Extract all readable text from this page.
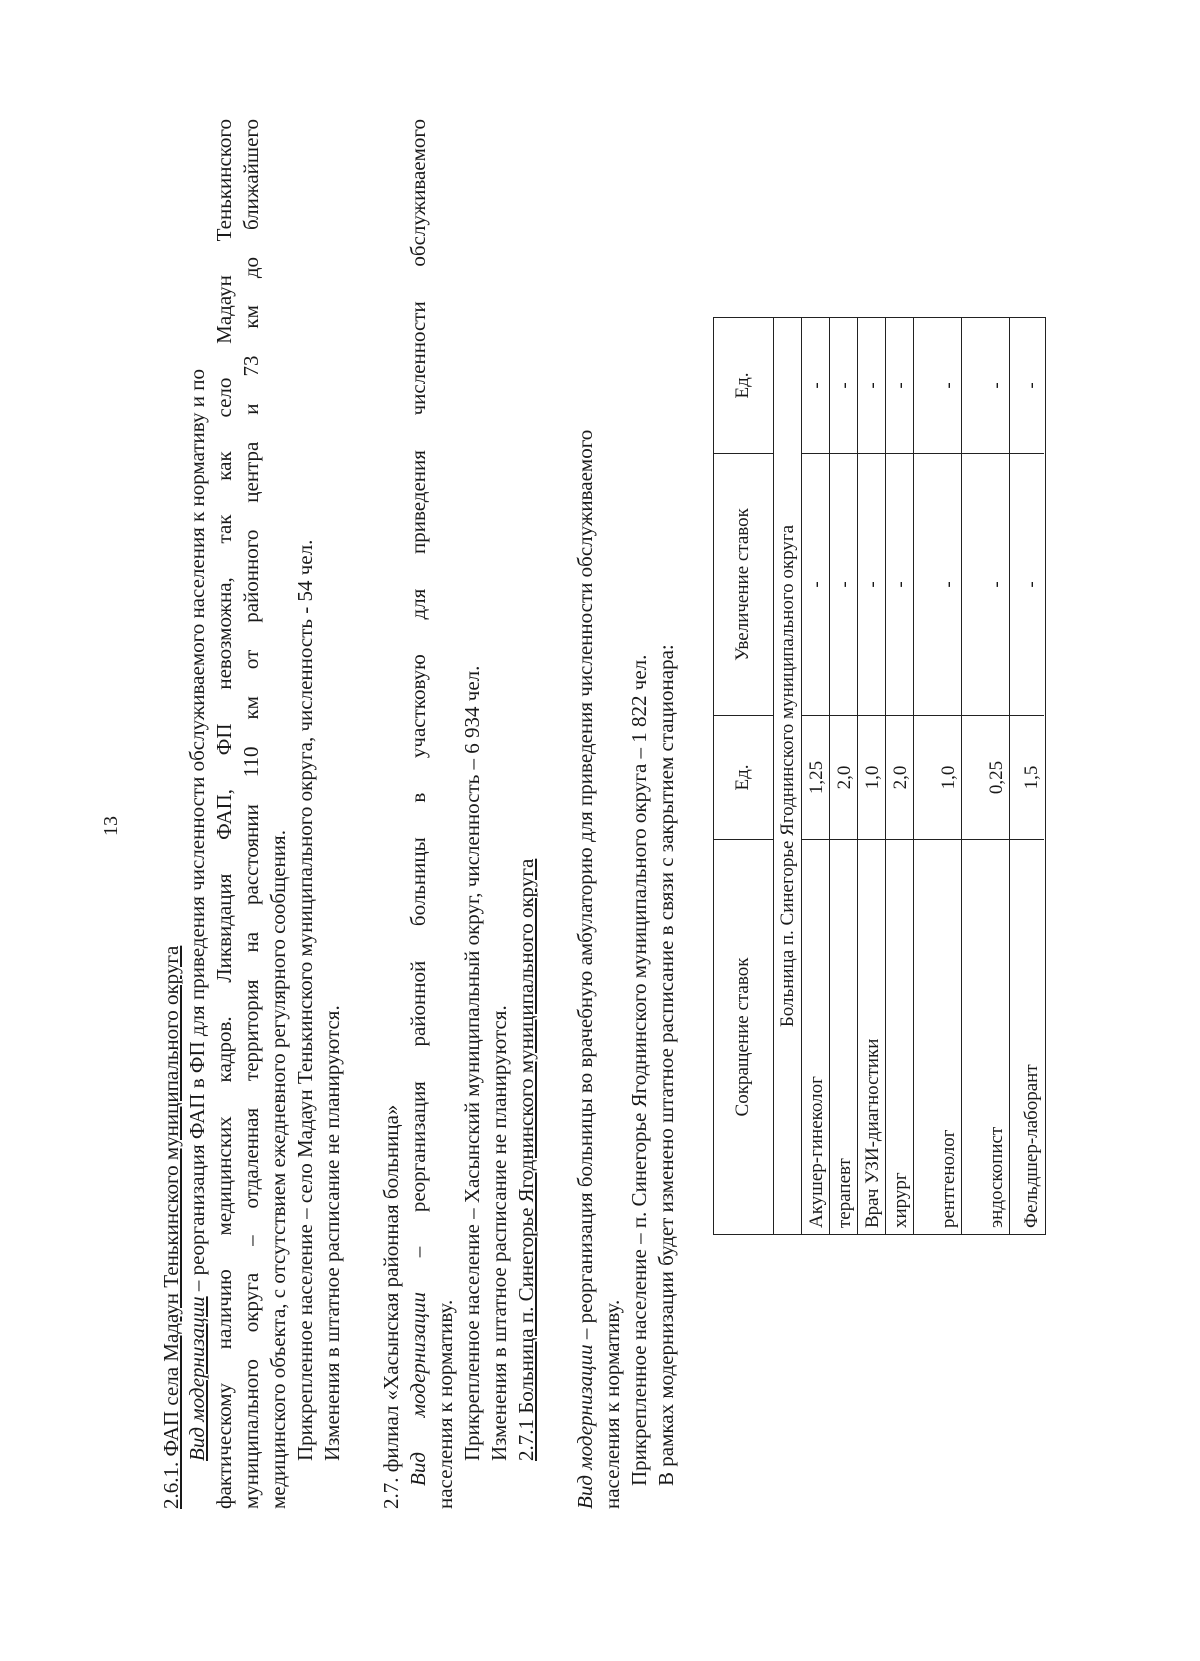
13
2.6.1. ФАП села Мадаун Тенькинского муниципального округа Вид модернизации – реорганизация ФАП в ФП для приведения численности обслуживаемого населения к нормативу и по фактическому наличию медицинских кадров. Ликвидация ФАП, ФП невозможна, так как село Мадаун Тенькинского муниципального округа – отдаленная территория на расстоянии 110 км от районного центра и 73 км до ближайшего медицинского объекта, с отсутствием ежедневного регулярного сообщения. Прикрепленное население – село Мадаун Тенькинского муниципального округа, численность - 54 чел. Изменения в штатное расписание не планируются. 2.7. филиал «Хасынская районная больница» Вид модернизации – реорганизация районной больницы в участковую для приведения численности обслуживаемого
населения к нормативу. Прикрепленное население – Хасынский муниципальный округ, численность – 6 934 чел. Изменения в штатное расписание не планируются. 2.7.1 Больница п. Синегорье Ягоднинского муниципального округа Вид модернизации – реорганизация больницы во врачебную амбулаторию для приведения численности обслуживаемого
населения к нормативу. Прикрепленное население – п. Синегорье Ягоднинского муниципального округа – 1 822 чел. В рамках модернизации будет изменено штатное расписание в связи с закрытием стационара:	Сокращение ставок
Ед.
Увеличение ставок
Ед.
Больница п. Синегорье Ягоднинского муниципального округа
Акушер-гинеколог
1,25
-
-
терапевт
2,0
-
-
Врач УЗИ-диагностики
1,0
-
-
хирург
2,0
-
-
рентгенолог
1,0
-
-
эндоскопист
0,25
-
-
Фельдшер-лаборант
1,5
-
-
